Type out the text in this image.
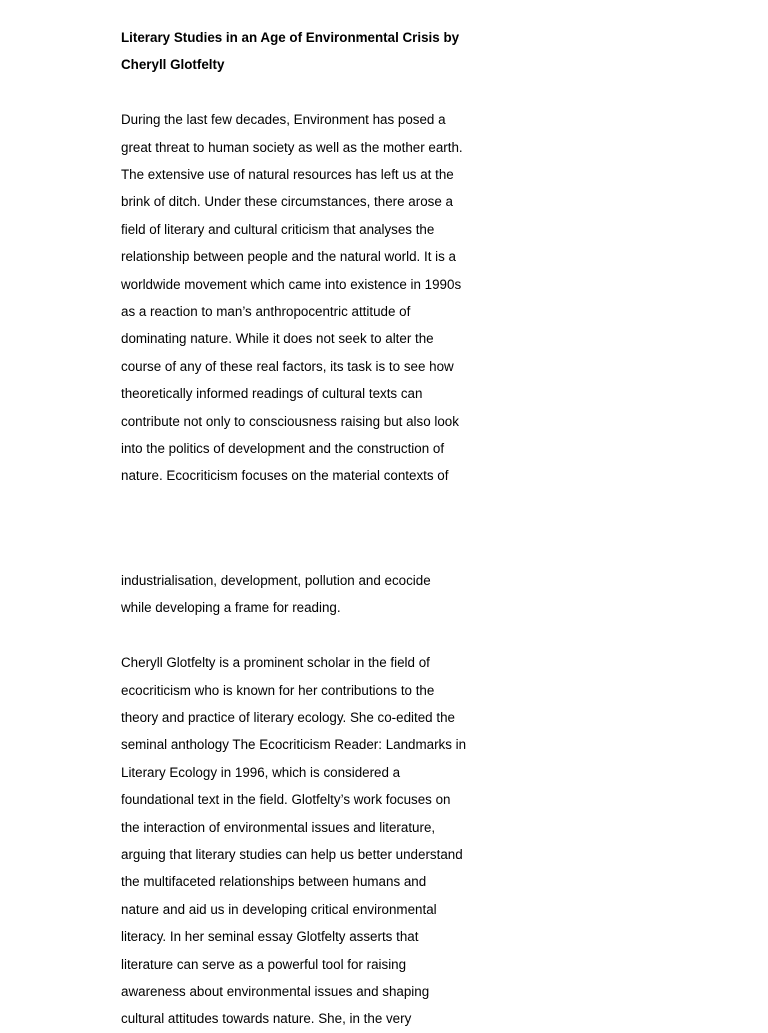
Literary Studies in an Age of Environmental Crisis by
Cheryll Glotfelty

During the last few decades, Environment has posed a
great threat to human society as well as the mother earth.
The extensive use of natural resources has left us at the
brink of ditch. Under these circumstances, there arose a
field of literary and cultural criticism that analyses the
relationship between people and the natural world. It is a
worldwide movement which came into existence in 1990s
as a reaction to man’s anthropocentric attitude of
dominating nature. While it does not seek to alter the
course of any of these real factors, its task is to see how
theoretically informed readings of cultural texts can
contribute not only to consciousness raising but also look
into the politics of development and the construction of
nature. Ecocriticism focuses on the material contexts of

industrialisation, development, pollution and ecocide
while developing a frame for reading.

Cheryll Glotfelty is a prominent scholar in the field of
ecocriticism who is known for her contributions to the
theory and practice of literary ecology. She co-edited the
seminal anthology The Ecocriticism Reader: Landmarks in
Literary Ecology in 1996, which is considered a
foundational text in the field. Glotfelty’s work focuses on
the interaction of environmental issues and literature,
arguing that literary studies can help us better understand
the multifaceted relationships between humans and
nature and aid us in developing critical environmental
literacy. In her seminal essay Glotfelty asserts that
literature can serve as a powerful tool for raising
awareness about environmental issues and shaping
cultural attitudes towards nature. She, in the very
